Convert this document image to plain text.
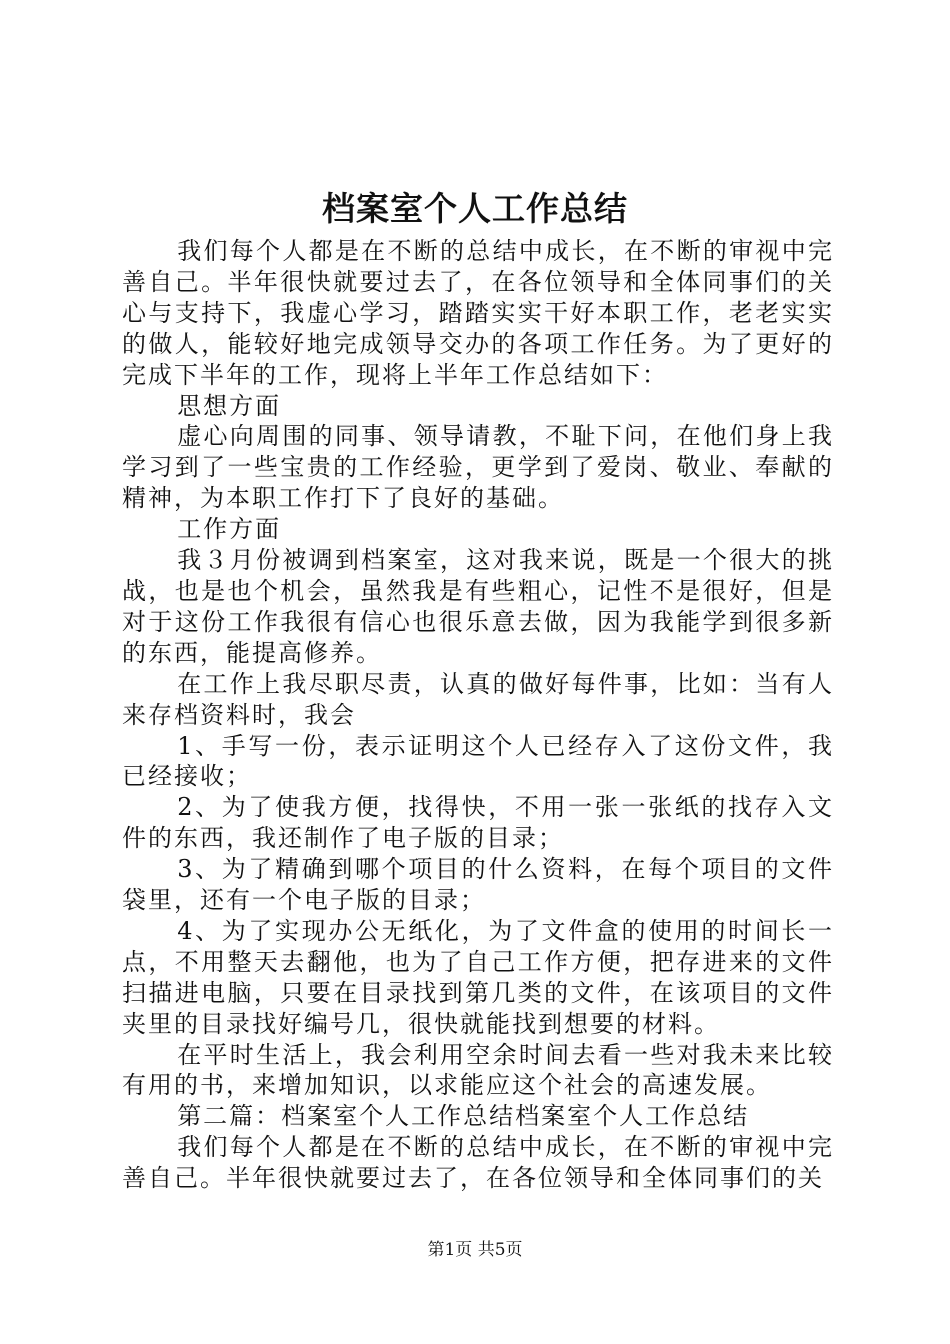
档案室个人工作总结

我们每个人都是在不断的总结中成长，在不断的审视中完善自己。半年很快就要过去了，在各位领导和全体同事们的关心与支持下，我虚心学习，踏踏实实干好本职工作，老老实实的做人，能较好地完成领导交办的各项工作任务。为了更好的完成下半年的工作，现将上半年工作总结如下：

思想方面

虚心向周围的同事、领导请教，不耻下问，在他们身上我学习到了一些宝贵的工作经验，更学到了爱岗、敬业、奉献的精神，为本职工作打下了良好的基础。

工作方面

我３月份被调到档案室，这对我来说，既是一个很大的挑战，也是也个机会，虽然我是有些粗心，记性不是很好，但是对于这份工作我很有信心也很乐意去做，因为我能学到很多新的东西，能提高修养。

在工作上我尽职尽责，认真的做好每件事，比如：当有人来存档资料时，我会

1、手写一份，表示证明这个人已经存入了这份文件，我已经接收；

2、为了使我方便，找得快，不用一张一张纸的找存入文件的东西，我还制作了电子版的目录；

3、为了精确到哪个项目的什么资料，在每个项目的文件袋里，还有一个电子版的目录；

4、为了实现办公无纸化，为了文件盒的使用的时间长一点，不用整天去翻他，也为了自己工作方便，把存进来的文件扫描进电脑，只要在目录找到第几类的文件，在该项目的文件夹里的目录找好编号几，很快就能找到想要的材料。

在平时生活上，我会利用空余时间去看一些对我未来比较有用的书，来增加知识，以求能应这个社会的高速发展。

第二篇：档案室个人工作总结档案室个人工作总结

我们每个人都是在不断的总结中成长，在不断的审视中完善自己。半年很快就要过去了，在各位领导和全体同事们的关

第1页 共5页
